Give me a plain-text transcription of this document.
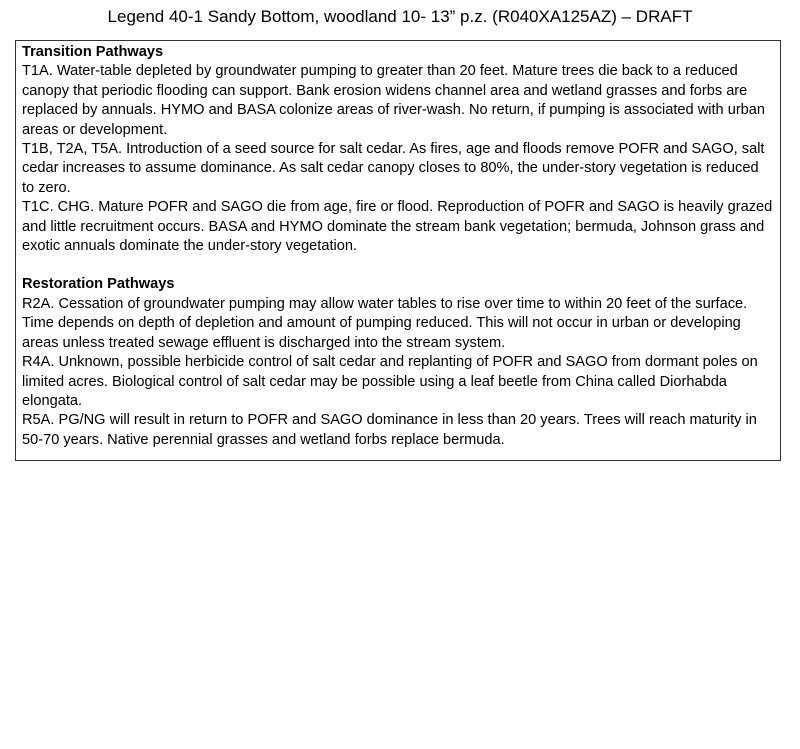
Legend 40-1 Sandy Bottom, woodland 10- 13” p.z. (R040XA125AZ) – DRAFT
Transition Pathways
T1A. Water-table depleted by groundwater pumping to greater than 20 feet. Mature trees die back to a reduced canopy that periodic flooding can support. Bank erosion widens channel area and wetland grasses and forbs are replaced by annuals. HYMO and BASA colonize areas of river-wash. No return, if pumping is associated with urban areas or development.
T1B, T2A, T5A. Introduction of a seed source for salt cedar. As fires, age and floods remove POFR and SAGO, salt cedar increases to assume dominance. As salt cedar canopy closes to 80%, the under-story vegetation is reduced to zero.
T1C. CHG. Mature POFR and SAGO die from age, fire or flood. Reproduction of POFR and SAGO is heavily grazed and little recruitment occurs. BASA and HYMO dominate the stream bank vegetation; bermuda, Johnson grass and exotic annuals dominate the under-story vegetation.
Restoration Pathways
R2A. Cessation of groundwater pumping may allow water tables to rise over time to within 20 feet of the surface. Time depends on depth of depletion and amount of pumping reduced. This will not occur in urban or developing areas unless treated sewage effluent is discharged into the stream system.
R4A. Unknown, possible herbicide control of salt cedar and replanting of POFR and SAGO from dormant poles on limited acres. Biological control of salt cedar may be possible using a leaf beetle from China called Diorhabda elongata.
R5A. PG/NG will result in return to POFR and SAGO dominance in less than 20 years. Trees will reach maturity in 50-70 years. Native perennial grasses and wetland forbs replace bermuda.
